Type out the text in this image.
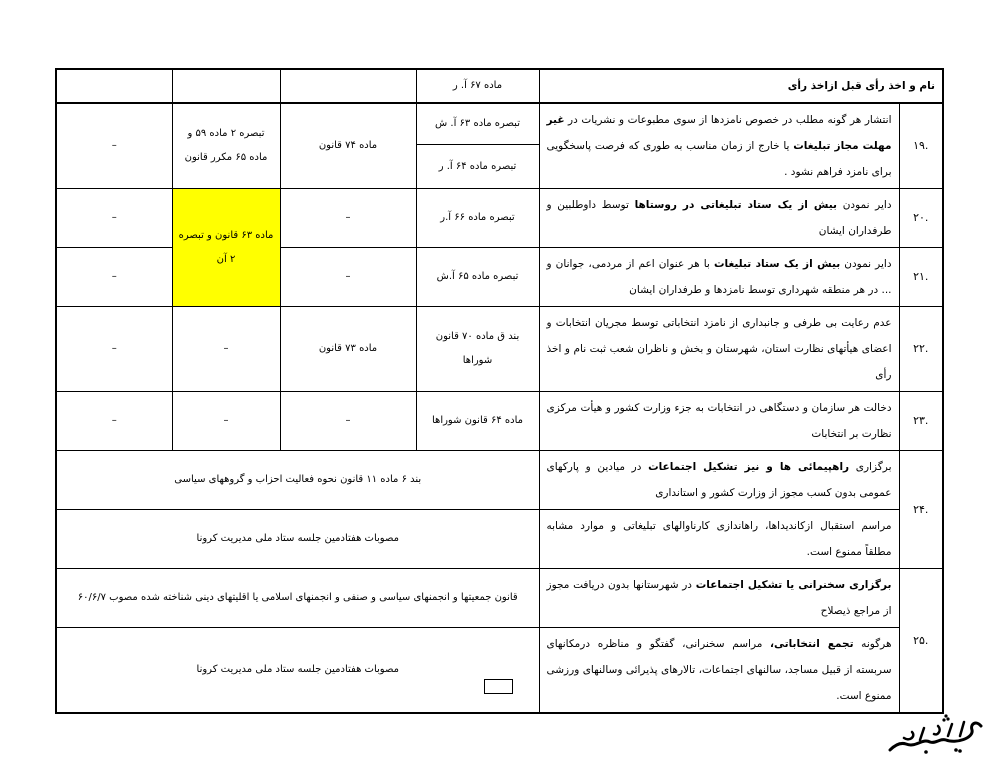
نام و اخذ رأی قبل ازاخذ رأی		ماده ۶۷ آ. ر			
.۱۹	انتشار هر گونه مطلب در خصوص نامزدها از سوی مطبوعات و نشریات در غیر مهلت مجاز تبلیغات یا خارج از زمان مناسب به طوری که فرصت پاسخگویی برای نامزد فراهم نشود .	تبصره ماده ۶۳ آ. ش	ماده ۷۴ قانون	تبصره ۲ ماده ۵۹ و ماده ۶۵ مکرر قانون	–
		تبصره ماده ۶۴ آ. ر			
.۲۰	دایر نمودن بیش از یک ستاد تبلیغاتی در روستاها توسط داوطلبین و طرفداران ایشان	تبصره ماده ۶۶ آ.ر	–	ماده ۶۳ قانون و تبصره ۲ آن	–
.۲۱	دایر نمودن بیش از یک ستاد تبلیغات با هر عنوان اعم از مردمی، جوانان و ... در هر منطقه شهرداری توسط نامزدها و طرفداران ایشان	تبصره ماده ۶۵ آ.ش	–		–
.۲۲	عدم رعایت بی طرفی و جانبداری از نامزد انتخاباتی توسط مجریان انتخابات و اعضای هیأتهای نظارت استان، شهرستان و بخش و ناظران شعب ثبت نام و اخذ رأی	بند ق ماده ۷۰ قانون شوراها	ماده ۷۳ قانون	–	–
.۲۳	دخالت هر سازمان و دستگاهی در انتخابات به جزء وزارت کشور و هیأت مرکزی نظارت بر انتخابات	ماده ۶۴ قانون شوراها	–	–	–
.۲۴	برگزاری راهپیمائی ها و نیز تشکیل اجتماعات در میادین و پارکهای عمومی بدون کسب مجوز از وزارت کشور و استانداری	بند ۶ ماده ۱۱ قانون نحوه فعالیت احزاب و گروههای سیاسی			
	مراسم استقبال ازکاندیداها، راهاندازی کارناوالهای تبلیغاتی و موارد مشابه مطلقاً ممنوع است.	مصوبات هفتادمین جلسه ستاد ملی مدیریت کرونا			
.۲۵	برگزاری سخنرانی یا تشکیل اجتماعات در شهرستانها بدون دریافت مجوز از مراجع ذیصلاح	قانون جمعیتها و انجمنهای سیاسی و صنفی و انجمنهای اسلامی یا اقلیتهای دینی شناخته شده مصوب ۶۰/۶/۷			
	هرگونه تجمع انتخاباتی، مراسم سخنرانی، گفتگو و مناظره درمکانهای سربسته از قبیل مساجد، سالنهای اجتماعات، تالارهای پذیرائی وسالنهای ورزشی ممنوع است.	مصوبات هفتادمین جلسه ستاد ملی مدیریت کرونا			
